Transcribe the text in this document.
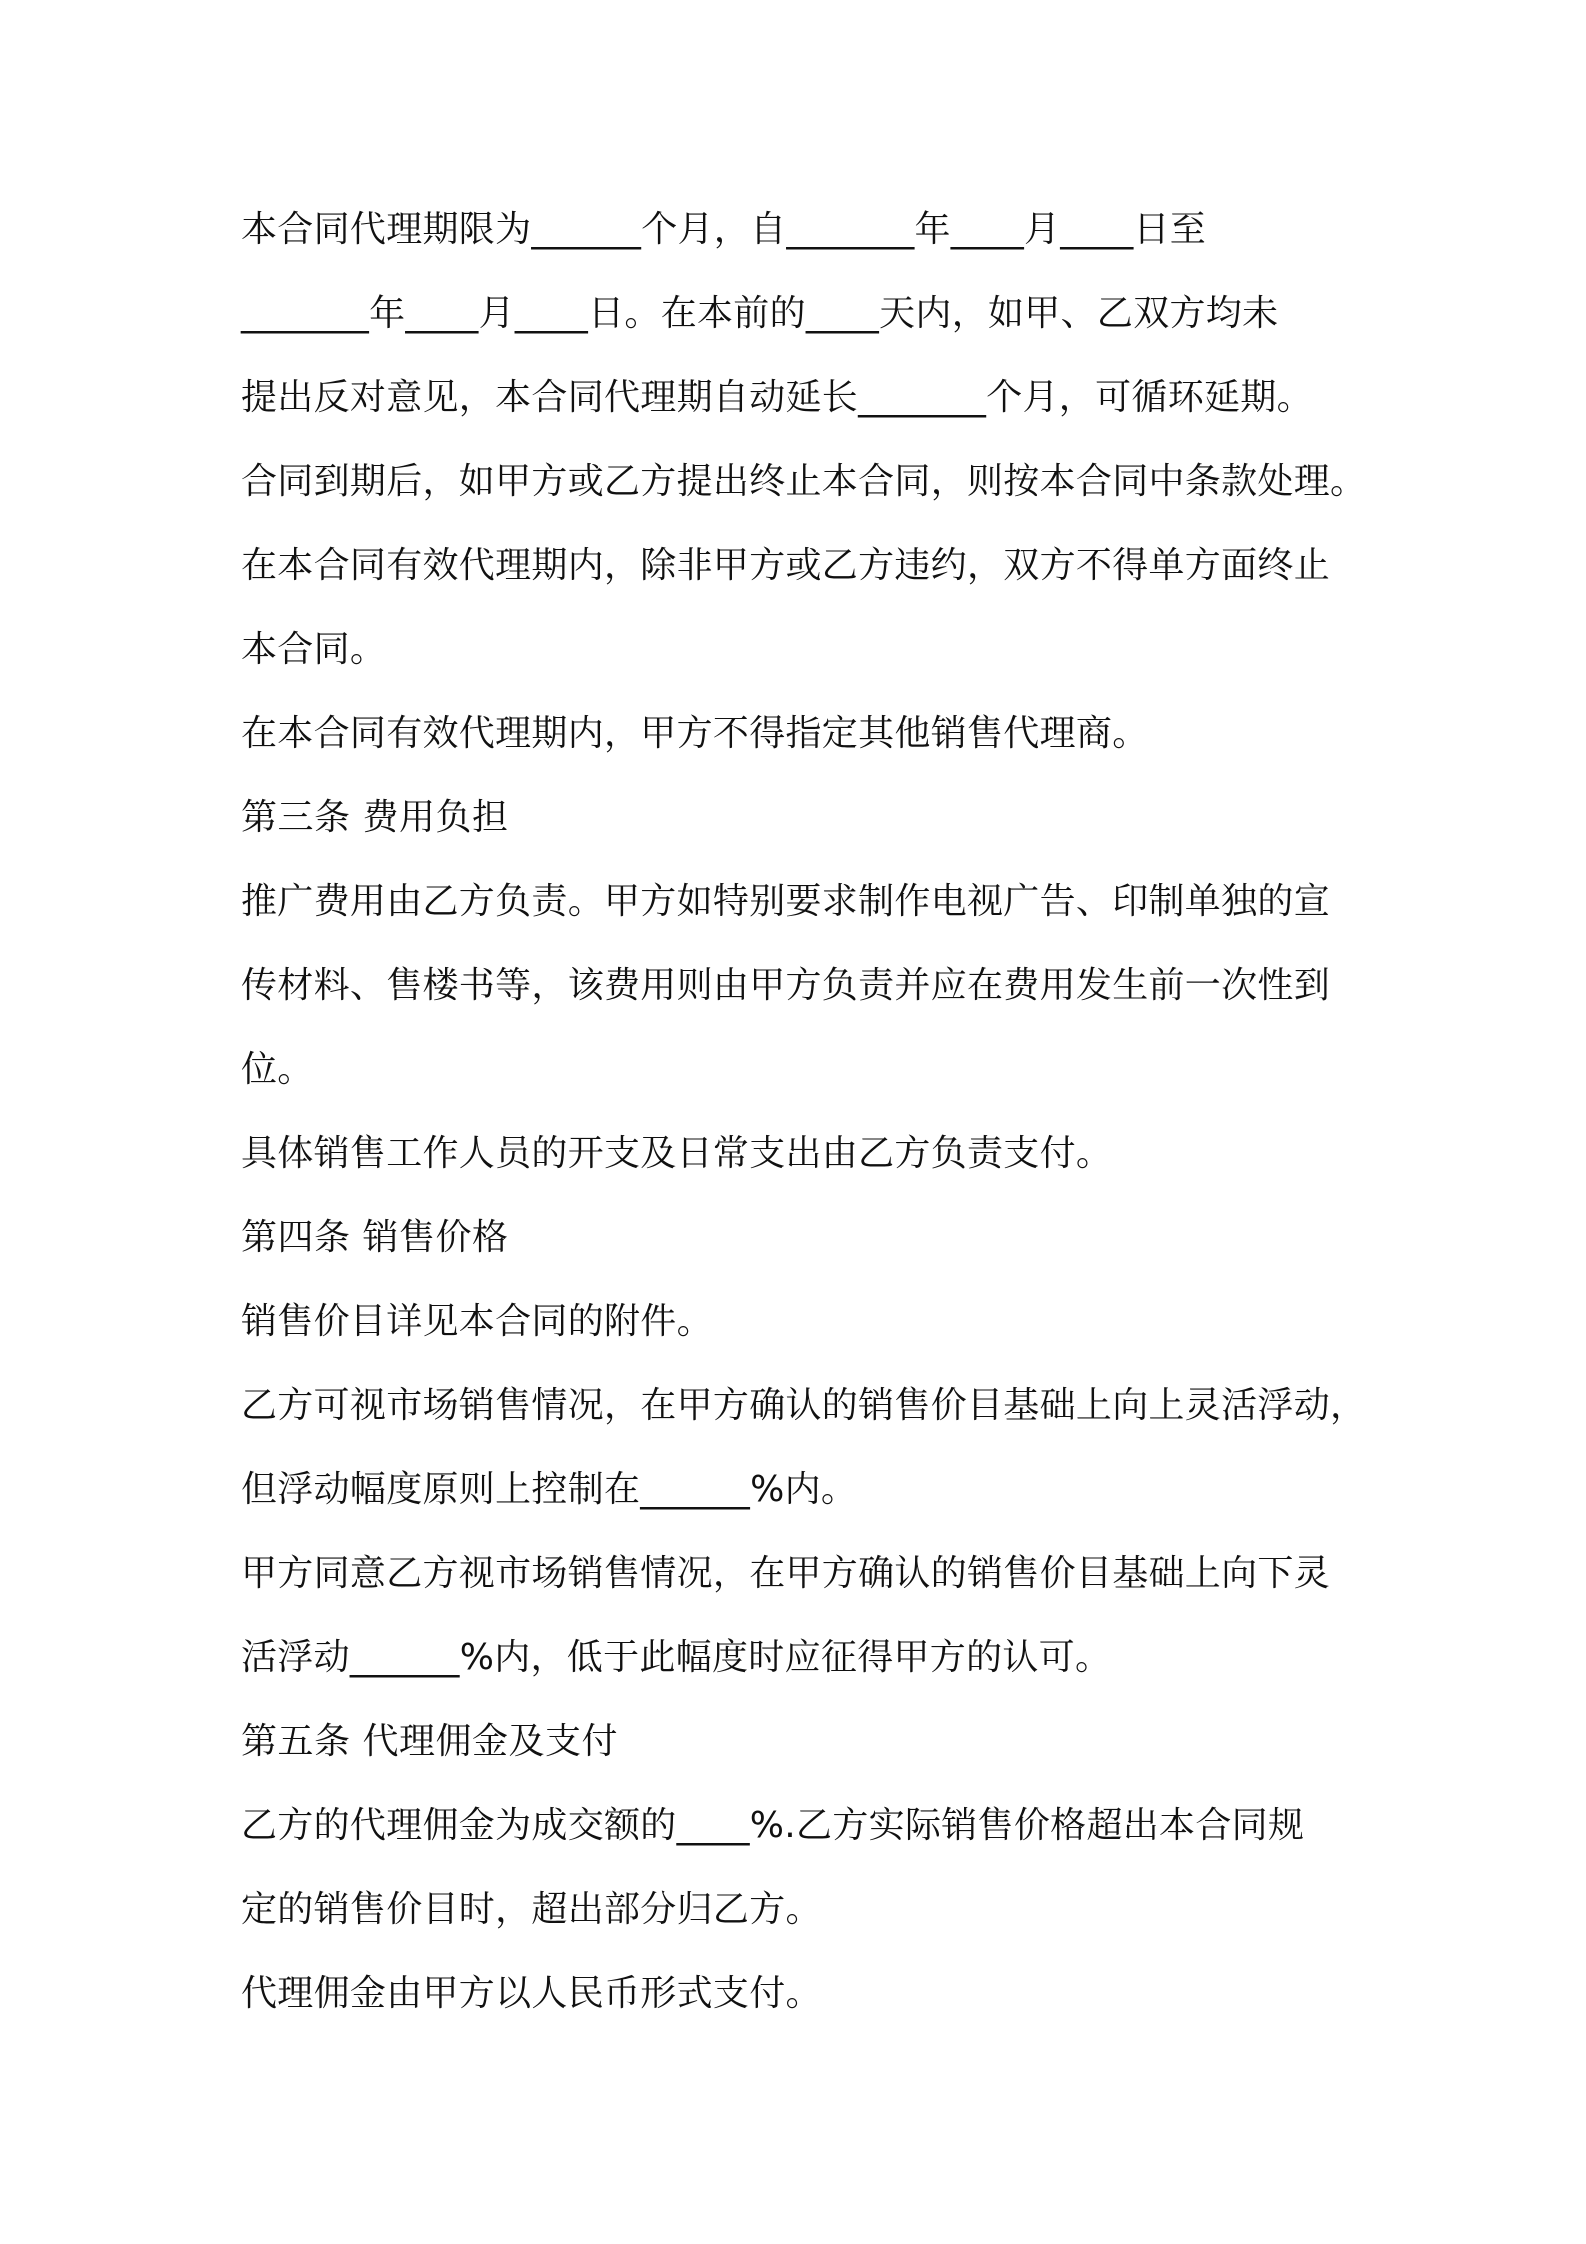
本合同代理期限为______个月，自_______年____月____日至
_______年____月____日。在本前的____天内，如甲、乙双方均未
提出反对意见，本合同代理期自动延长_______个月，可循环延期。
合同到期后，如甲方或乙方提出终止本合同，则按本合同中条款处理。
在本合同有效代理期内，除非甲方或乙方违约，双方不得单方面终止
本合同。
在本合同有效代理期内，甲方不得指定其他销售代理商。
第三条 费用负担
推广费用由乙方负责。甲方如特别要求制作电视广告、印制单独的宣
传材料、售楼书等，该费用则由甲方负责并应在费用发生前一次性到
位。
具体销售工作人员的开支及日常支出由乙方负责支付。
第四条 销售价格
销售价目详见本合同的附件。
乙方可视市场销售情况，在甲方确认的销售价目基础上向上灵活浮动，
但浮动幅度原则上控制在______%内。
甲方同意乙方视市场销售情况，在甲方确认的销售价目基础上向下灵
活浮动______%内，低于此幅度时应征得甲方的认可。
第五条 代理佣金及支付
乙方的代理佣金为成交额的____%.乙方实际销售价格超出本合同规
定的销售价目时，超出部分归乙方。
代理佣金由甲方以人民币形式支付。
